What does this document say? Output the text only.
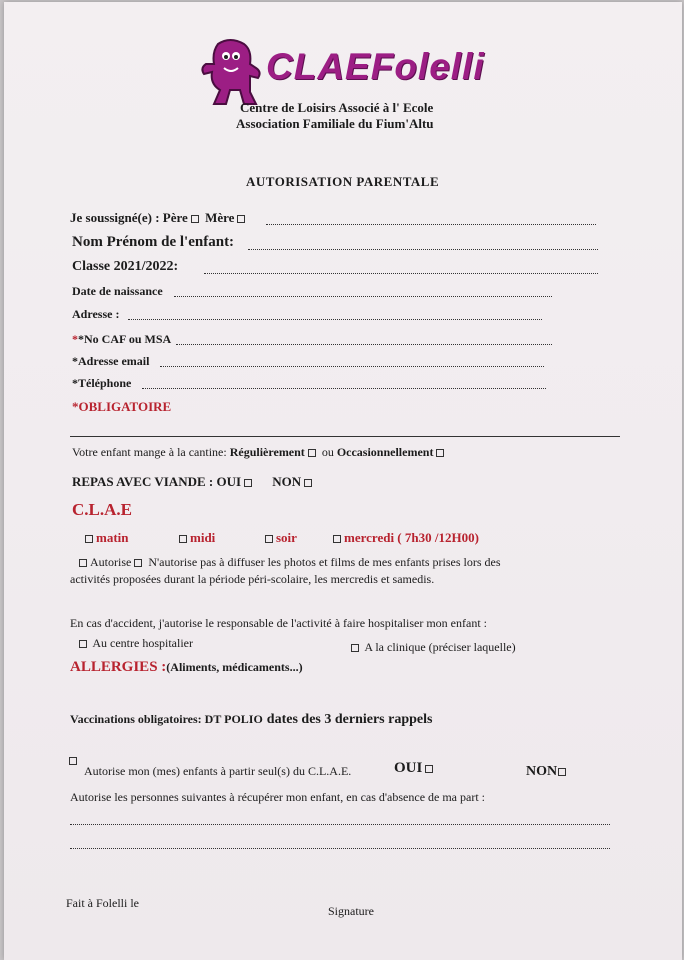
CLAEFolelli
Centre de Loisirs Associé à l' Ecole
Association Familiale du Fium'Altu
AUTORISATION PARENTALE
Je soussigné(e) : Père Mère
Nom Prénom de l'enfant:
Classe 2021/2022:
Date de naissance
Adresse :
**No CAF ou MSA
*Adresse email
*Téléphone
*OBLIGATOIRE
Votre enfant mange à la cantine: Régulièrement ou Occasionnellement
REPAS AVEC VIANDE : OUI NON
C.L.A.E
matin	midi	soir	mercredi ( 7h30 /12H00)
Autorise N'autorise pas à diffuser les photos et films de mes enfants prises lors des
activités proposées durant la période péri-scolaire, les mercredis et samedis.
En cas d'accident, j'autorise le responsable de l'activité à faire hospitaliser mon enfant :
Au centre hospitalier	A la clinique (préciser laquelle)
ALLERGIES :(Aliments, médicaments...)
Vaccinations obligatoires: DT POLIO dates des 3 derniers rappels
Autorise mon (mes) enfants à partir seul(s) du C.L.A.E.	OUI	NON
Autorise les personnes suivantes à récupérer mon enfant, en cas d'absence de ma part :
Fait à Folelli le
Signature
